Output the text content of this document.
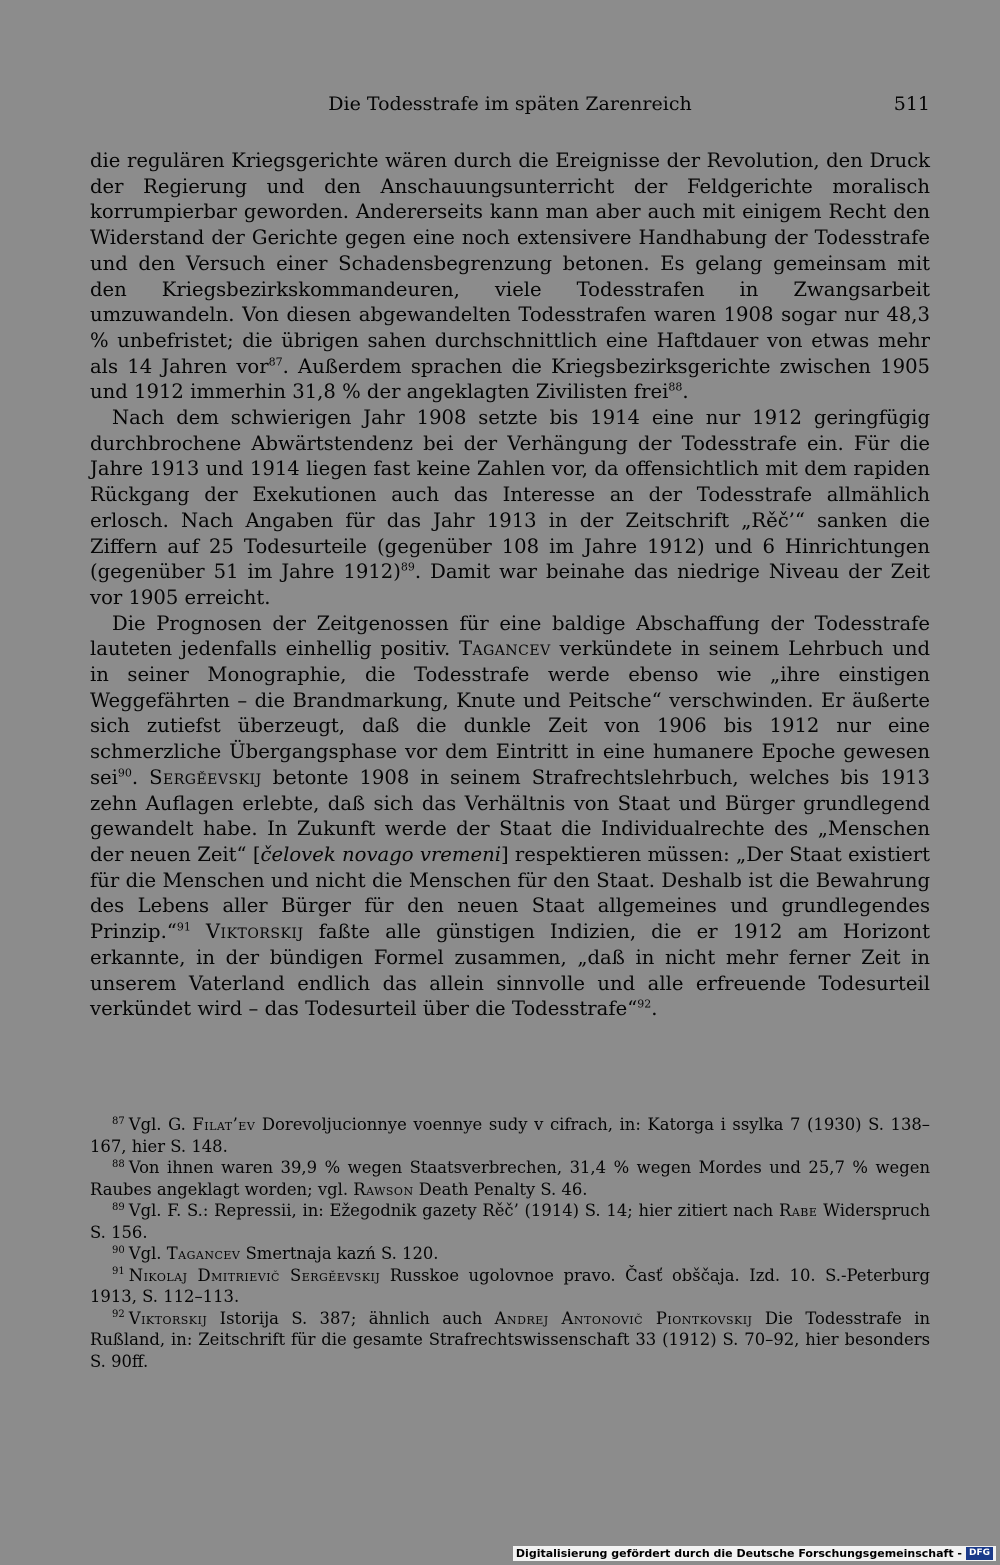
Die Todesstrafe im späten Zarenreich	511

die regulären Kriegsgerichte wären durch die Ereignisse der Revolution, den Druck der Regierung und den Anschauungsunterricht der Feldgerichte moralisch korrumpierbar geworden. Andererseits kann man aber auch mit einigem Recht den Widerstand der Gerichte gegen eine noch extensivere Handhabung der Todesstrafe und den Versuch einer Schadensbegrenzung betonen. Es gelang gemeinsam mit den Kriegsbezirkskommandeuren, viele Todesstrafen in Zwangsarbeit umzuwandeln. Von diesen abgewandelten Todesstrafen waren 1908 sogar nur 48,3 % unbefristet; die übrigen sahen durchschnittlich eine Haftdauer von etwas mehr als 14 Jahren vor$^{87}$. Außerdem sprachen die Kriegsbezirksgerichte zwischen 1905 und 1912 immerhin 31,8 % der angeklagten Zivilisten frei$^{88}$.

Nach dem schwierigen Jahr 1908 setzte bis 1914 eine nur 1912 geringfügig durchbrochene Abwärtstendenz bei der Verhängung der Todesstrafe ein. Für die Jahre 1913 und 1914 liegen fast keine Zahlen vor, da offensichtlich mit dem rapiden Rückgang der Exekutionen auch das Interesse an der Todesstrafe allmählich erlosch. Nach Angaben für das Jahr 1913 in der Zeitschrift „Rěč’“ sanken die Ziffern auf 25 Todesurteile (gegenüber 108 im Jahre 1912) und 6 Hinrichtungen (gegenüber 51 im Jahre 1912)$^{89}$. Damit war beinahe das niedrige Niveau der Zeit vor 1905 erreicht.

Die Prognosen der Zeitgenossen für eine baldige Abschaffung der Todesstrafe lauteten jedenfalls einhellig positiv. Tagancev verkündete in seinem Lehrbuch und in seiner Monographie, die Todesstrafe werde ebenso wie „ihre einstigen Weggefährten – die Brandmarkung, Knute und Peitsche“ verschwinden. Er äußerte sich zutiefst überzeugt, daß die dunkle Zeit von 1906 bis 1912 nur eine schmerzliche Übergangsphase vor dem Eintritt in eine humanere Epoche gewesen sei$^{90}$. Sergěevskij betonte 1908 in seinem Strafrechtslehrbuch, welches bis 1913 zehn Auflagen erlebte, daß sich das Verhältnis von Staat und Bürger grundlegend gewandelt habe. In Zukunft werde der Staat die Individualrechte des „Menschen der neuen Zeit“ [čelovek novago vremeni] respektieren müssen: „Der Staat existiert für die Menschen und nicht die Menschen für den Staat. Deshalb ist die Bewahrung des Lebens aller Bürger für den neuen Staat allgemeines und grundlegendes Prinzip.“$^{91}$ Viktorskij faßte alle günstigen Indizien, die er 1912 am Horizont erkannte, in der bündigen Formel zusammen, „daß in nicht mehr ferner Zeit in unserem Vaterland endlich das allein sinnvolle und alle erfreuende Todesurteil verkündet wird – das Todesurteil über die Todesstrafe“$^{92}$.

$^{87}$ Vgl. G. Filat’ev Dorevoljucionnye voennye sudy v cifrach, in: Katorga i ssylka 7 (1930) S. 138–167, hier S. 148.

$^{88}$ Von ihnen waren 39,9 % wegen Staatsverbrechen, 31,4 % wegen Mordes und 25,7 % wegen Raubes angeklagt worden; vgl. Rawson Death Penalty S. 46.

$^{89}$ Vgl. F. S.: Repressii, in: Ežegodnik gazety Rěč’ (1914) S. 14; hier zitiert nach Rabe Widerspruch S. 156.

$^{90}$ Vgl. Tagancev Smertnaja kazń S. 120.

$^{91}$ Nikolaj Dmitrievič Sergěevskij Russkoe ugolovnoe pravo. Časť obščaja. Izd. 10. S.-Peterburg 1913, S. 112–113.

$^{92}$ Viktorskij Istorija S. 387; ähnlich auch Andrej Antonovič Piontkovskij Die Todesstrafe in Rußland, in: Zeitschrift für die gesamte Strafrechtswissenschaft 33 (1912) S. 70–92, hier besonders S. 90ff.

Digitalisierung gefördert durch die Deutsche Forschungsgemeinschaft - DFG
